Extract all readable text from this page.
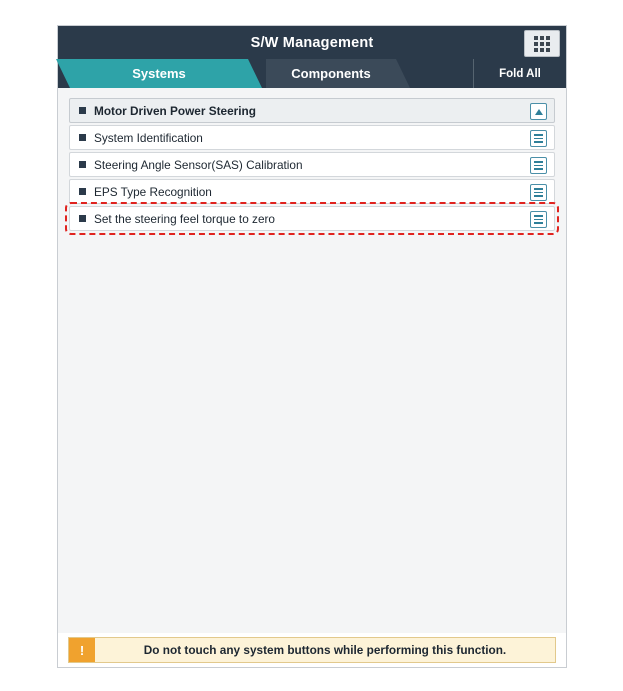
S/W Management
Systems	Components	Fold All
Motor Driven Power Steering
System Identification
Steering Angle Sensor(SAS) Calibration
EPS Type Recognition
Set the steering feel torque to zero
!	Do not touch any system buttons while performing this function.
